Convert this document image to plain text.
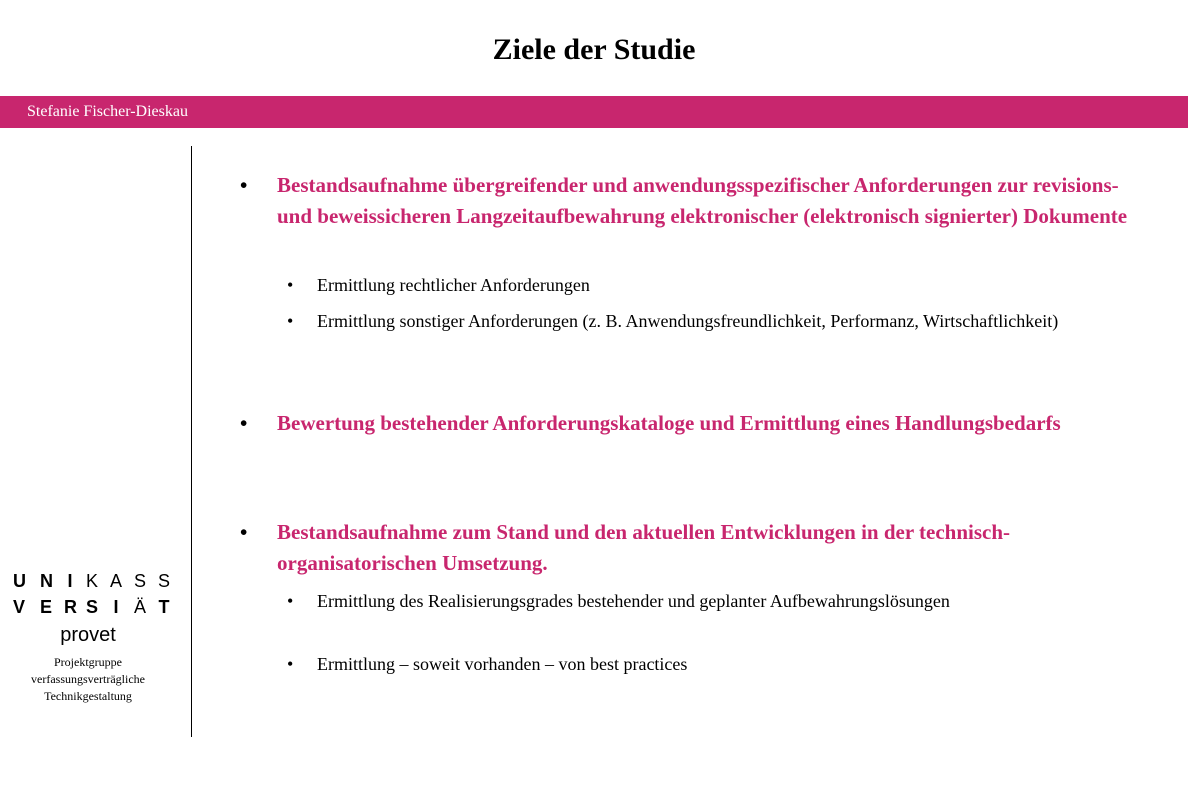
Ziele der Studie
Stefanie Fischer-Dieskau
U N I K A S S
V E R S I Ä T
provet
Projektgruppe
verfassungsverträgliche
Technikgestaltung
•	Bestandsaufnahme übergreifender und anwendungsspezifischer Anforderungen zur revisions- und beweissicheren Langzeitaufbewahrung elektronischer (elektronisch signierter) Dokumente
•	Ermittlung rechtlicher Anforderungen
•	Ermittlung sonstiger Anforderungen (z. B. Anwendungsfreundlichkeit, Performanz, Wirtschaftlichkeit)
•	Bewertung bestehender Anforderungskataloge und Ermittlung eines Handlungsbedarfs
•	Bestandsaufnahme zum Stand und den aktuellen Entwicklungen in der technisch-organisatorischen Umsetzung.
•	Ermittlung des Realisierungsgrades bestehender und geplanter Aufbewahrungslösungen
•	Ermittlung – soweit vorhanden – von best practices
